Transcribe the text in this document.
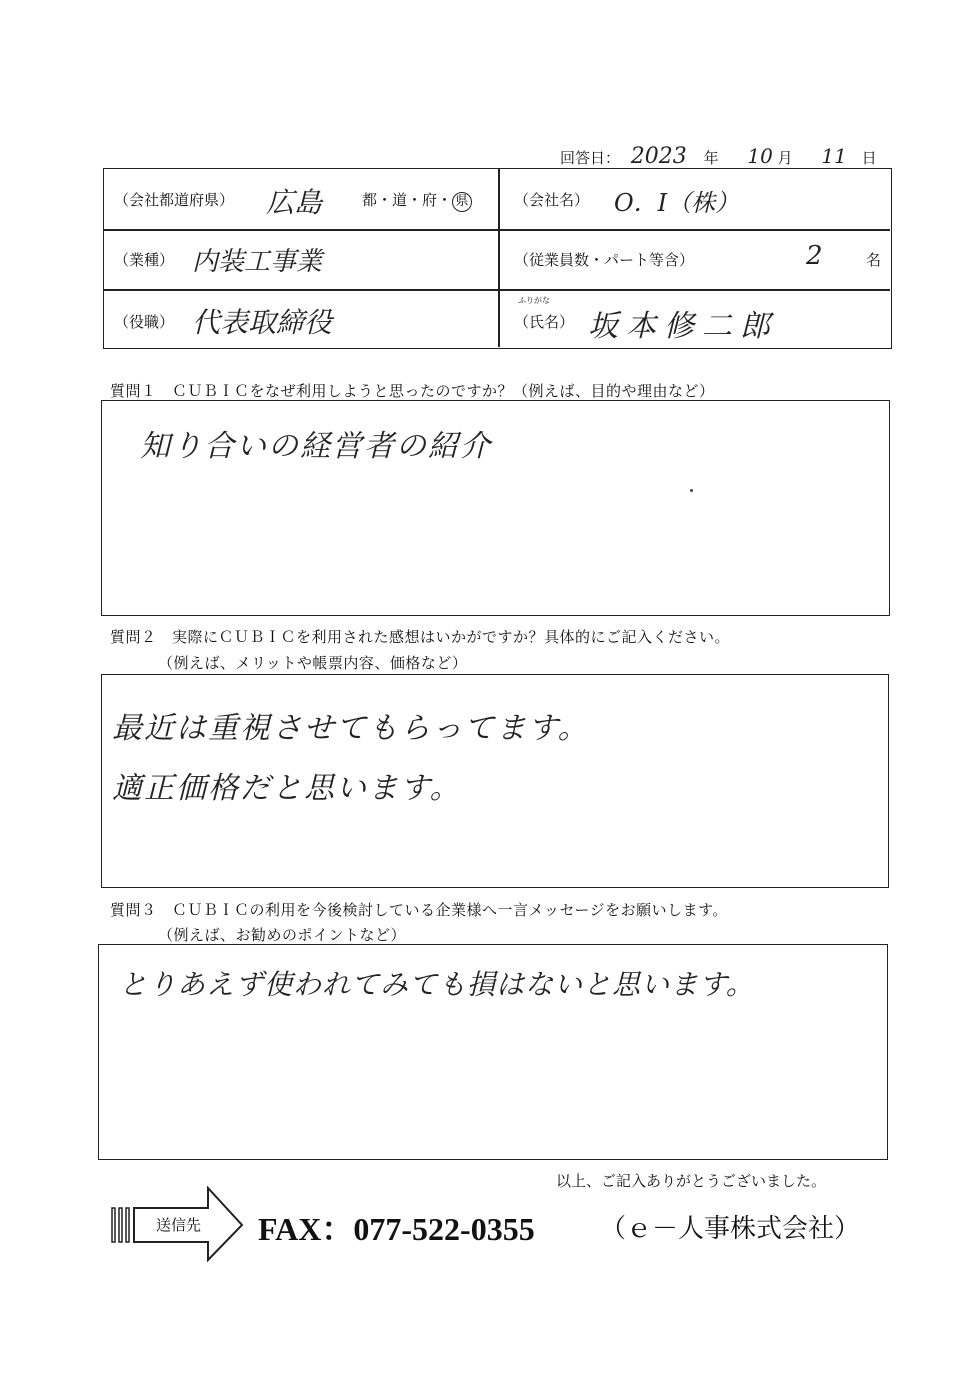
回答日： 2023 年 10 月 11 日
（会社都道府県） 広島	都・道・府・ 県	（会社名） O．I（株）
（業種） 内装工事業	（従業員数・パート等含）	2	名
（役職） 代表取締役
ふりがな
（氏名） 坂本修二郎
質問１　ＣＵＢＩＣをなぜ利用しようと思ったのですか？（例えば、目的や理由など）
知り合いの経営者の紹介
質問２　実際にＣＵＢＩＣを利用された感想はいかがですか？具体的にご記入ください。
（例えば、メリットや帳票内容、価格など）
最近は重視させてもらってます。
適正価格だと思います。
質問３　ＣＵＢＩＣの利用を今後検討している企業様へ一言メッセージをお願いします。
（例えば、お勧めのポイントなど）
とりあえず使われてみても損はないと思います。
以上、ご記入ありがとうございました。
送信先 FAX：077-522-0355	（ｅ－人事株式会社）
